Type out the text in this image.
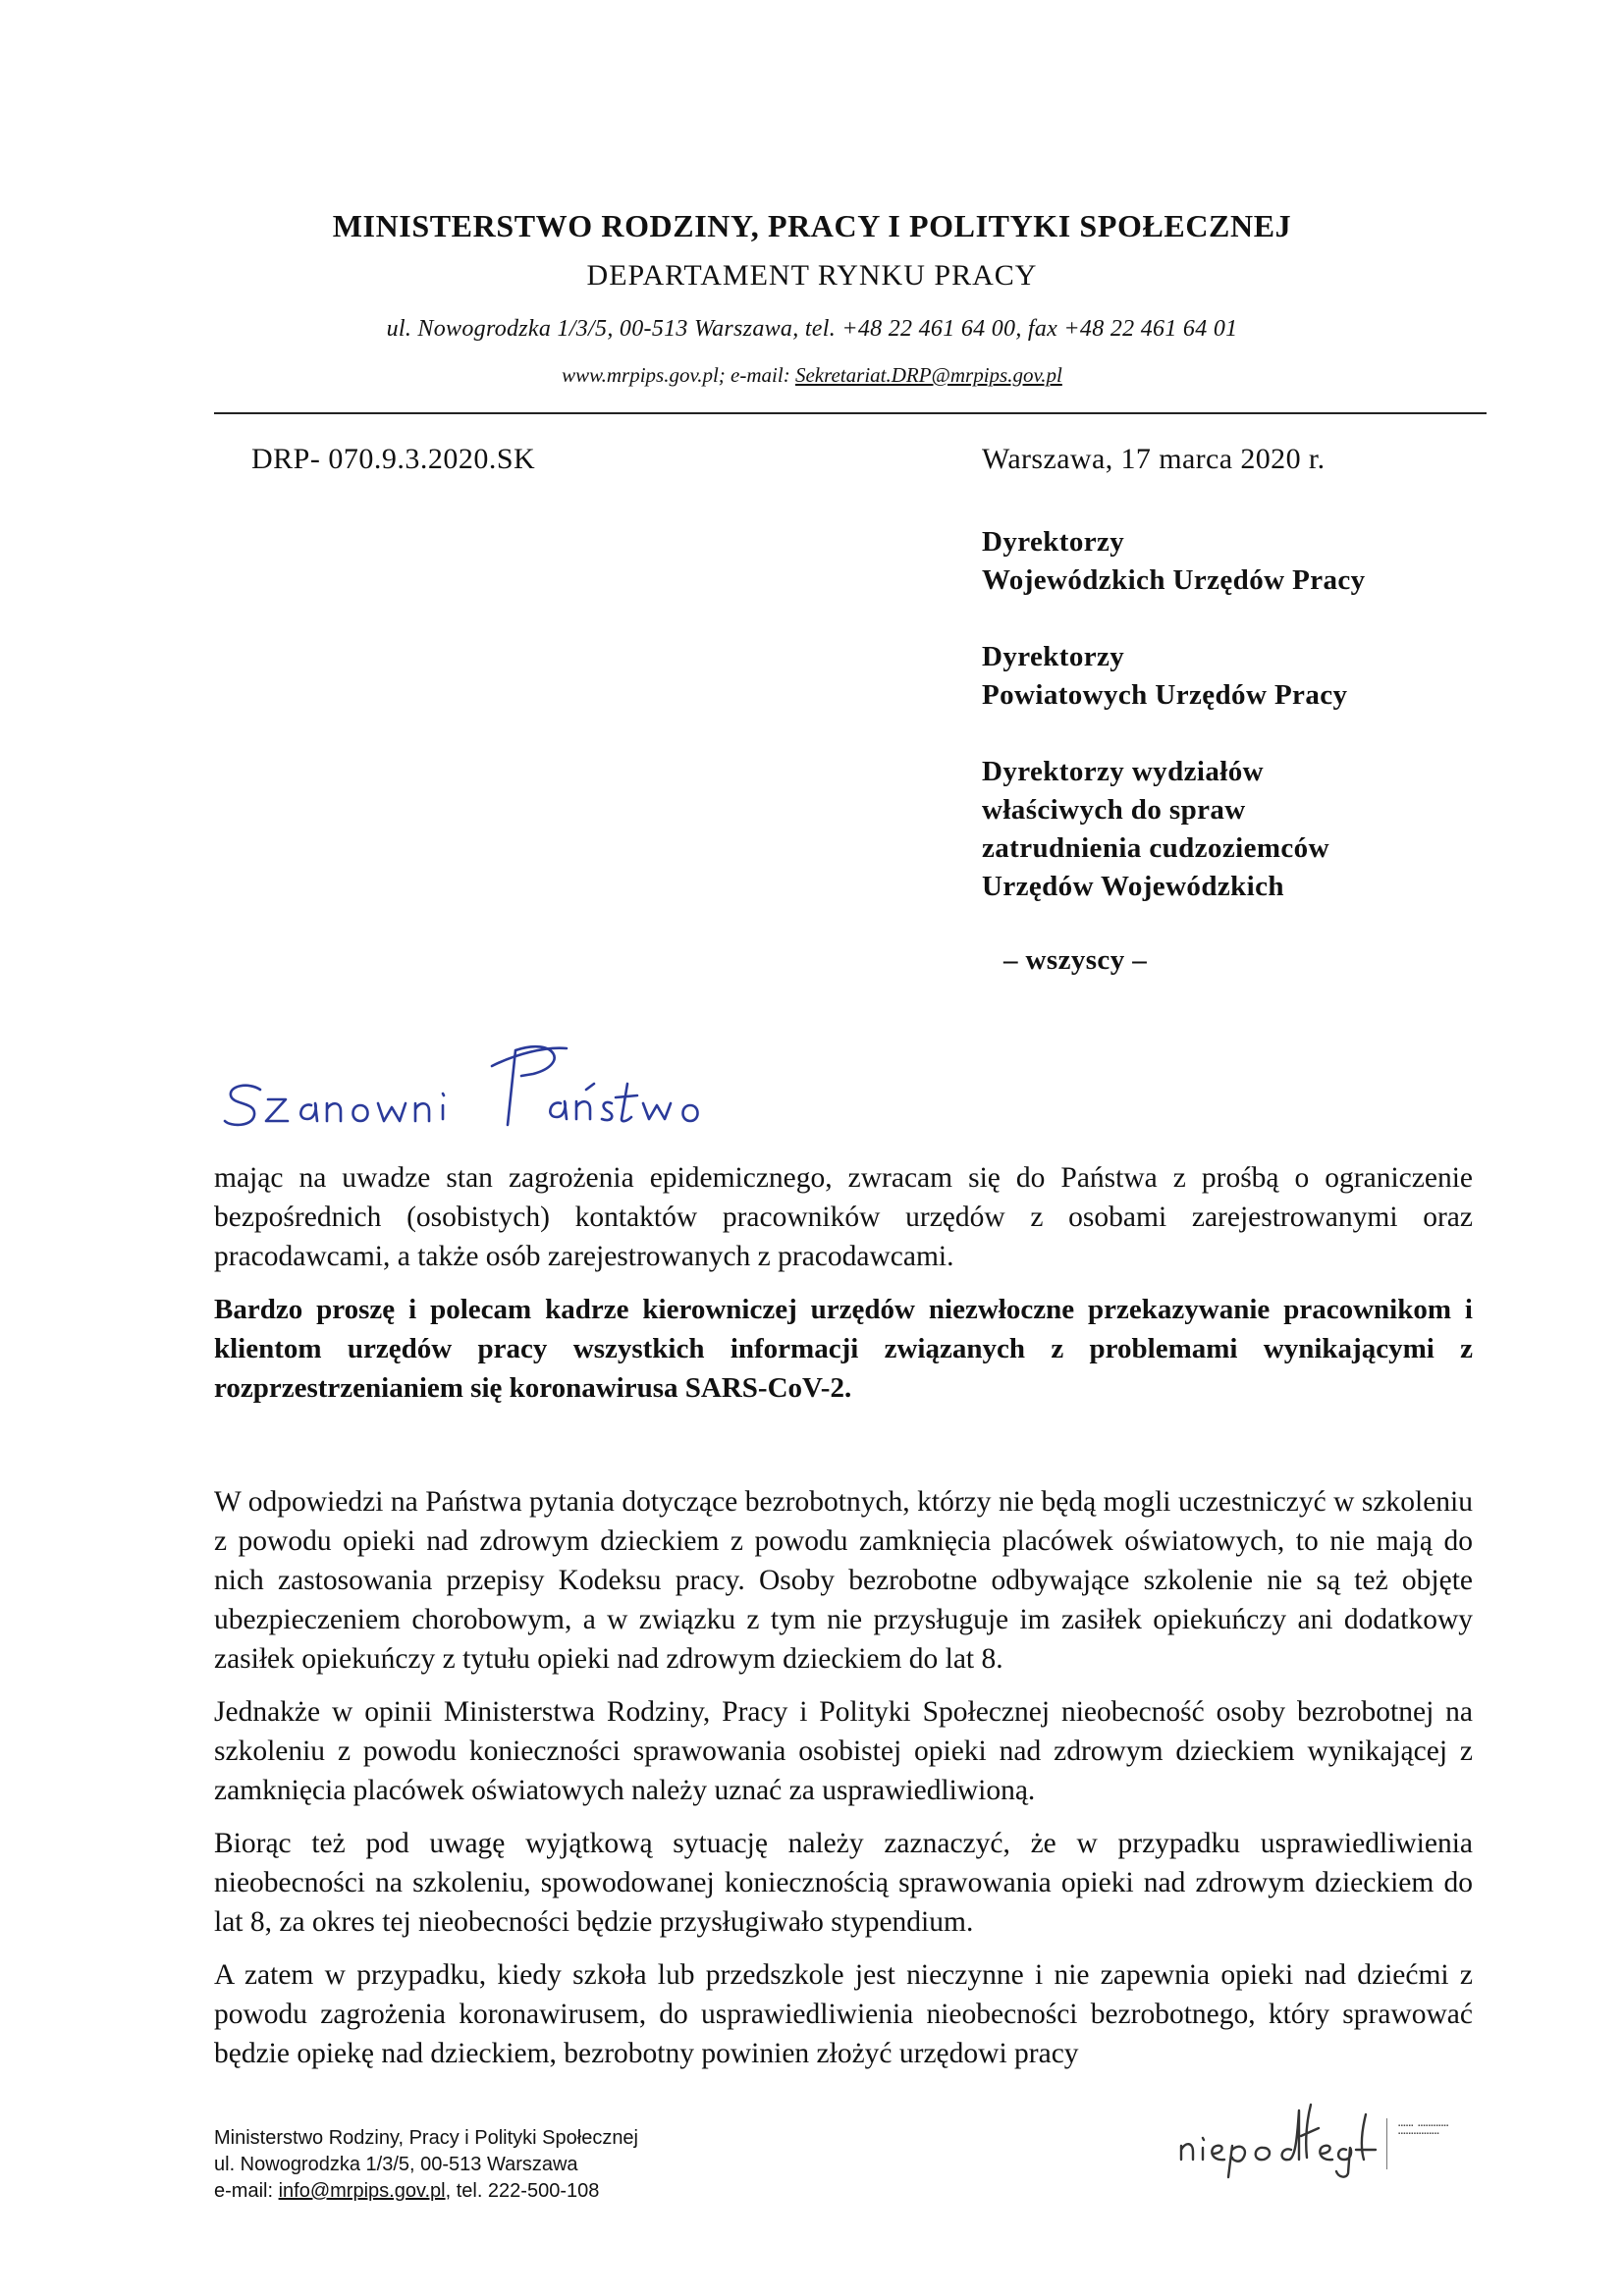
MINISTERSTWO RODZINY, PRACY I POLITYKI SPOŁECZNEJ
DEPARTAMENT RYNKU PRACY
ul. Nowogrodzka 1/3/5, 00-513 Warszawa, tel. +48 22 461 64 00, fax +48 22 461 64 01
www.mrpips.gov.pl; e-mail: Sekretariat.DRP@mrpips.gov.pl
DRP- 070.9.3.2020.SK	Warszawa, 17 marca 2020 r.
Dyrektorzy
Wojewódzkich Urzędów Pracy
Dyrektorzy
Powiatowych Urzędów Pracy
Dyrektorzy wydziałów
właściwych do spraw
zatrudnienia cudzoziemców
Urzędów Wojewódzkich
– wszyscy –

mając na uwadze stan zagrożenia epidemicznego, zwracam się do Państwa z prośbą o ograniczenie bezpośrednich (osobistych) kontaktów pracowników urzędów z osobami zarejestrowanymi oraz pracodawcami, a także osób zarejestrowanych z pracodawcami.

Bardzo proszę i polecam kadrze kierowniczej urzędów niezwłoczne przekazywanie pracownikom i klientom urzędów pracy wszystkich informacji związanych z problemami wynikającymi z rozprzestrzenianiem się koronawirusa SARS-CoV-2.

W odpowiedzi na Państwa pytania dotyczące bezrobotnych, którzy nie będą mogli uczestniczyć w szkoleniu z powodu opieki nad zdrowym dzieckiem z powodu zamknięcia placówek oświatowych, to nie mają do nich zastosowania przepisy Kodeksu pracy. Osoby bezrobotne odbywające szkolenie nie są też objęte ubezpieczeniem chorobowym, a w związku z tym nie przysługuje im zasiłek opiekuńczy ani dodatkowy zasiłek opiekuńczy z tytułu opieki nad zdrowym dzieckiem do lat 8.

Jednakże w opinii Ministerstwa Rodziny, Pracy i Polityki Społecznej nieobecność osoby bezrobotnej na szkoleniu z powodu konieczności sprawowania osobistej opieki nad zdrowym dzieckiem wynikającej z zamknięcia placówek oświatowych należy uznać za usprawiedliwioną.

Biorąc też pod uwagę wyjątkową sytuację należy zaznaczyć, że w przypadku usprawiedliwienia nieobecności na szkoleniu, spowodowanej koniecznością sprawowania opieki nad zdrowym dzieckiem do lat 8, za okres tej nieobecności będzie przysługiwało stypendium.

A zatem w przypadku, kiedy szkoła lub przedszkole jest nieczynne i nie zapewnia opieki nad dziećmi z powodu zagrożenia koronawirusem, do usprawiedliwienia nieobecności bezrobotnego, który sprawować będzie opiekę nad dzieckiem, bezrobotny powinien złożyć urzędowi pracy

Ministerstwo Rodziny, Pracy i Polityki Społecznej
ul. Nowogrodzka 1/3/5, 00-513 Warszawa
e-mail: info@mrpips.gov.pl, tel. 222-500-108
▪▪▪▪▪▪  ▪▪▪▪▪▪▪▪▪▪▪▪
▪▪▪▪▪▪▪▪▪▪▪▪▪▪▪▪
